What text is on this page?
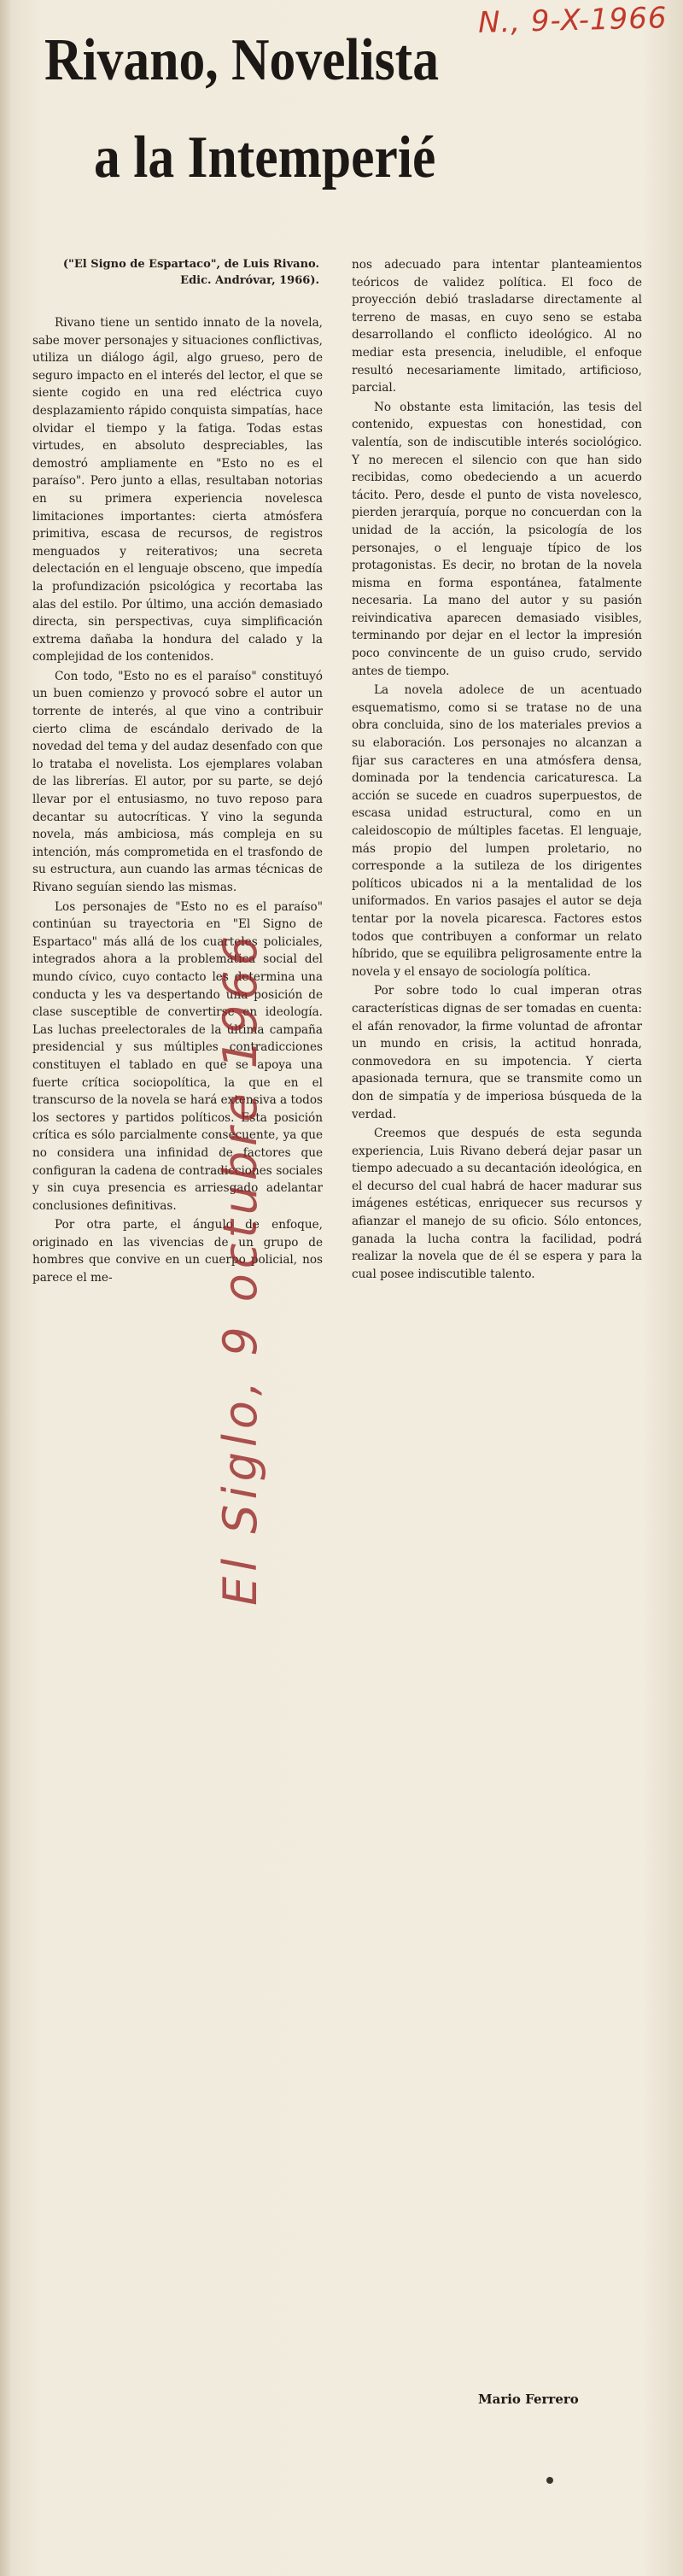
N., 9-X-1966
Rivano, Novelista
a la Intemperié

("El Signo de Espartaco", de Luis Rivano. Edic. Andróvar, 1966).

Rivano tiene un sentido innato de la novela, sabe mover personajes y situaciones conflictivas, utiliza un diálogo ágil, algo grueso, pero de seguro impacto en el interés del lector, el que se siente cogido en una red eléctrica cuyo desplazamiento rápido conquista simpatías, hace olvidar el tiempo y la fatiga. Todas estas virtudes, en absoluto despreciables, las demostró ampliamente en "Esto no es el paraíso". Pero junto a ellas, resultaban notorias en su primera experiencia novelesca limitaciones importantes: cierta atmósfera primitiva, escasa de recursos, de registros menguados y reiterativos; una secreta delectación en el lenguaje obsceno, que impedía la profundización psicológica y recortaba las alas del estilo. Por último, una acción demasiado directa, sin perspectivas, cuya simplificación extrema dañaba la hondura del calado y la complejidad de los contenidos.

Con todo, "Esto no es el paraíso" constituyó un buen comienzo y provocó sobre el autor un torrente de interés, al que vino a contribuir cierto clima de escándalo derivado de la novedad del tema y del audaz desenfado con que lo trataba el novelista. Los ejemplares volaban de las librerías. El autor, por su parte, se dejó llevar por el entusiasmo, no tuvo reposo para decantar su autocríticas. Y vino la segunda novela, más ambiciosa, más compleja en su intención, más comprometida en el trasfondo de su estructura, aun cuando las armas técnicas de Rivano seguían siendo las mismas.

Los personajes de "Esto no es el paraíso" continúan su trayectoria en "El Signo de Espartaco" más allá de los cuarteles policiales, integrados ahora a la problemática social del mundo cívico, cuyo contacto les determina una conducta y les va despertando una posición de clase susceptible de convertirse en ideología. Las luchas preelectorales de la última campaña presidencial y sus múltiples contradicciones constituyen el tablado en que se apoya una fuerte crítica sociopolítica, la que en el transcurso de la novela se hará extensiva a todos los sectores y partidos políticos. Esta posición crítica es sólo parcialmente consecuente, ya que no considera una infinidad de factores que configuran la cadena de contradicciones sociales y sin cuya presencia es arriesgado adelantar conclusiones definitivas.

Por otra parte, el ángulo de enfoque, originado en las vivencias de un grupo de hombres que convive en un cuerpo policial, nos parece el me-

nos adecuado para intentar planteamientos teóricos de validez política. El foco de proyección debió trasladarse directamente al terreno de masas, en cuyo seno se estaba desarrollando el conflicto ideológico. Al no mediar esta presencia, ineludible, el enfoque resultó necesariamente limitado, artificioso, parcial.

No obstante esta limitación, las tesis del contenido, expuestas con honestidad, con valentía, son de indiscutible interés sociológico. Y no merecen el silencio con que han sido recibidas, como obedeciendo a un acuerdo tácito. Pero, desde el punto de vista novelesco, pierden jerarquía, porque no concuerdan con la unidad de la acción, la psicología de los personajes, o el lenguaje típico de los protagonistas. Es decir, no brotan de la novela misma en forma espontánea, fatalmente necesaria. La mano del autor y su pasión reivindicativa aparecen demasiado visibles, terminando por dejar en el lector la impresión poco convincente de un guiso crudo, servido antes de tiempo.

La novela adolece de un acentuado esquematismo, como si se tratase no de una obra concluida, sino de los materiales previos a su elaboración. Los personajes no alcanzan a fijar sus caracteres en una atmósfera densa, dominada por la tendencia caricaturesca. La acción se sucede en cuadros superpuestos, de escasa unidad estructural, como en un caleidoscopio de múltiples facetas. El lenguaje, más propio del lumpen proletario, no corresponde a la sutileza de los dirigentes políticos ubicados ni a la mentalidad de los uniformados. En varios pasajes el autor se deja tentar por la novela picaresca. Factores estos todos que contribuyen a conformar un relato híbrido, que se equilibra peligrosamente entre la novela y el ensayo de sociología política.

Por sobre todo lo cual imperan otras características dignas de ser tomadas en cuenta: el afán renovador, la firme voluntad de afrontar un mundo en crisis, la actitud honrada, conmovedora en su impotencia. Y cierta apasionada ternura, que se transmite como un don de simpatía y de imperiosa búsqueda de la verdad.

Creemos que después de esta segunda experiencia, Luis Rivano deberá dejar pasar un tiempo adecuado a su decantación ideológica, en el decurso del cual habrá de hacer madurar sus imágenes estéticas, enriquecer sus recursos y afianzar el manejo de su oficio. Sólo entonces, ganada la lucha contra la facilidad, podrá realizar la novela que de él se espera y para la cual posee indiscutible talento.

El Siglo, 9 octubre 1966
Mario Ferrero
